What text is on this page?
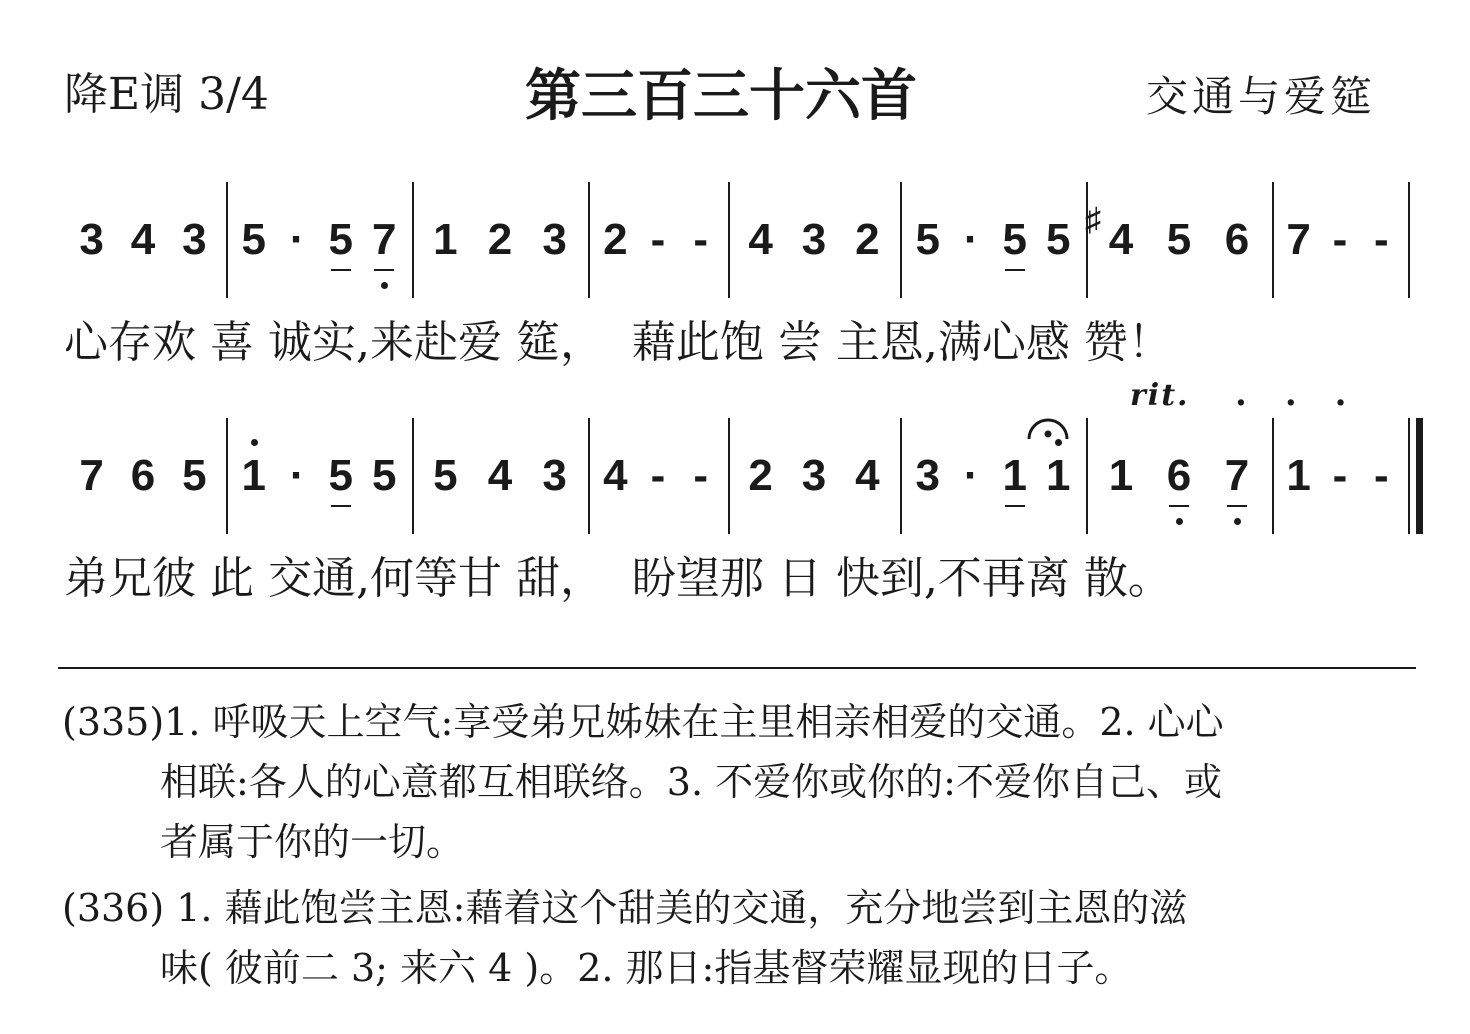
降E调 3/4	第三百三十六首	交通与爱筵
3 4 3 5 · 5 7 1 2 3 2 - - 4 3 2 5 · 5 5 4
♯ 5 6 7 - -
心存欢 喜 诚实,来赴爱 筵，  藉此饱 尝 主恩,满心感 赞！
rit. ...
7 6 5 1 · 5 5 5 4 3 4 - - 2 3 4 3 · 1 1 1 6 7 1 - -
弟兄彼 此 交通,何等甘 甜，  盼望那 日 快到,不再离 散。
(335)1. 呼吸天上空气:享受弟兄姊妹在主里相亲相爱的交通。2. 心心
相联:各人的心意都互相联络。3. 不爱你或你的:不爱你自己、或
者属于你的一切。
(336) 1. 藉此饱尝主恩:藉着这个甜美的交通，充分地尝到主恩的滋
味( 彼前二 3; 来六 4 )。2. 那日:指基督荣耀显现的日子。
